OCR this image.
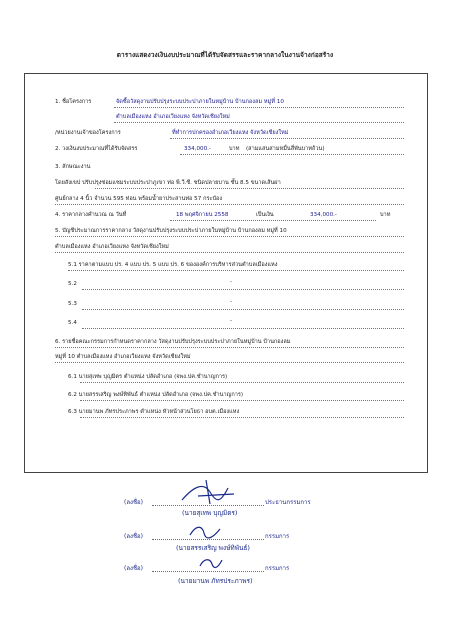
ตารางแสดงวงเงินงบประมาณที่ได้รับจัดสรรและราคากลางในงานจ้างก่อสร้าง
1. ชื่อโครงการ	จัดซื้อวัสดุงานปรับปรุงระบบประปาภายในหมู่บ้าน บ้านกองลม หมู่ที่ 10
ตำบลเมืองแหง อำเภอเวียงแหง จังหวัดเชียงใหม่
/หน่วยงานเจ้าของโครงการ	ที่ทำการปกครองอำเภอเวียงแหง จังหวัดเชียงใหม่
2. วงเงินงบประมาณที่ได้รับจัดสรร	334,000.-	บาท (สามแสนสามหมื่นสี่พันบาทถ้วน)
3. ลักษณะงาน
โดยสังเขป ปรับปรุงซ่อมแซมระบบประปาภูเขา ท่อ พี.วี.ซี. ชนิดปลายบาน ชั้น 8.5 ขนาดเส้นผ่า
ศูนย์กลาง 4 นิ้ว จำนวน 595 ท่อน พร้อมน้ำยาประสานท่อ 57 กระป๋อง
4. ราคากลางคำนวณ ณ วันที่	18 พฤศจิกายน 2558	เป็นเงิน	334,000.-	บาท
5. บัญชีประมาณการราคากลาง วัสดุงานปรับปรุงระบบประปาภายในหมู่บ้าน บ้านกองลม หมู่ที่ 10
ตำบลเมืองแหง อำเภอเวียงแหง จังหวัดเชียงใหม่
5.1 ราคาตามแบบ ปร. 4 แบบ ปร. 5 แบบ ปร. 6 ขององค์การบริหารส่วนตำบลเมืองแหง
5.2	-
5.3	-
5.4	-
6. รายชื่อคณะกรรมการกำหนดราคากลาง วัสดุงานปรับปรุงระบบประปาภายในหมู่บ้าน บ้านกองลม
หมู่ที่ 10 ตำบลเมืองแหง อำเภอเวียงแหง จังหวัดเชียงใหม่
6.1 นายสุเทพ บุญมิตร ตำแหน่ง ปลัดอำเภอ (จพง.ปค.ชำนาญการ)
6.2 นายสรรเสริญ พงษ์ทิพันธ์ ตำแหน่ง ปลัดอำเภอ (จพง.ปค.ชำนาญการ)
6.3 นายมานพ ภัทรประภาพร ตำแหน่ง หัวหน้าส่วนโยธา อบต.เมืองแหง
(ลงชื่อ)	ประธานกรรมการ
(นายสุเทพ บุญมิตร)
(ลงชื่อ)	กรรมการ
(นายสรรเสริญ พงษ์ทิพันธ์)
(ลงชื่อ)	กรรมการ
(นายมานพ ภัทรประภาพร)
